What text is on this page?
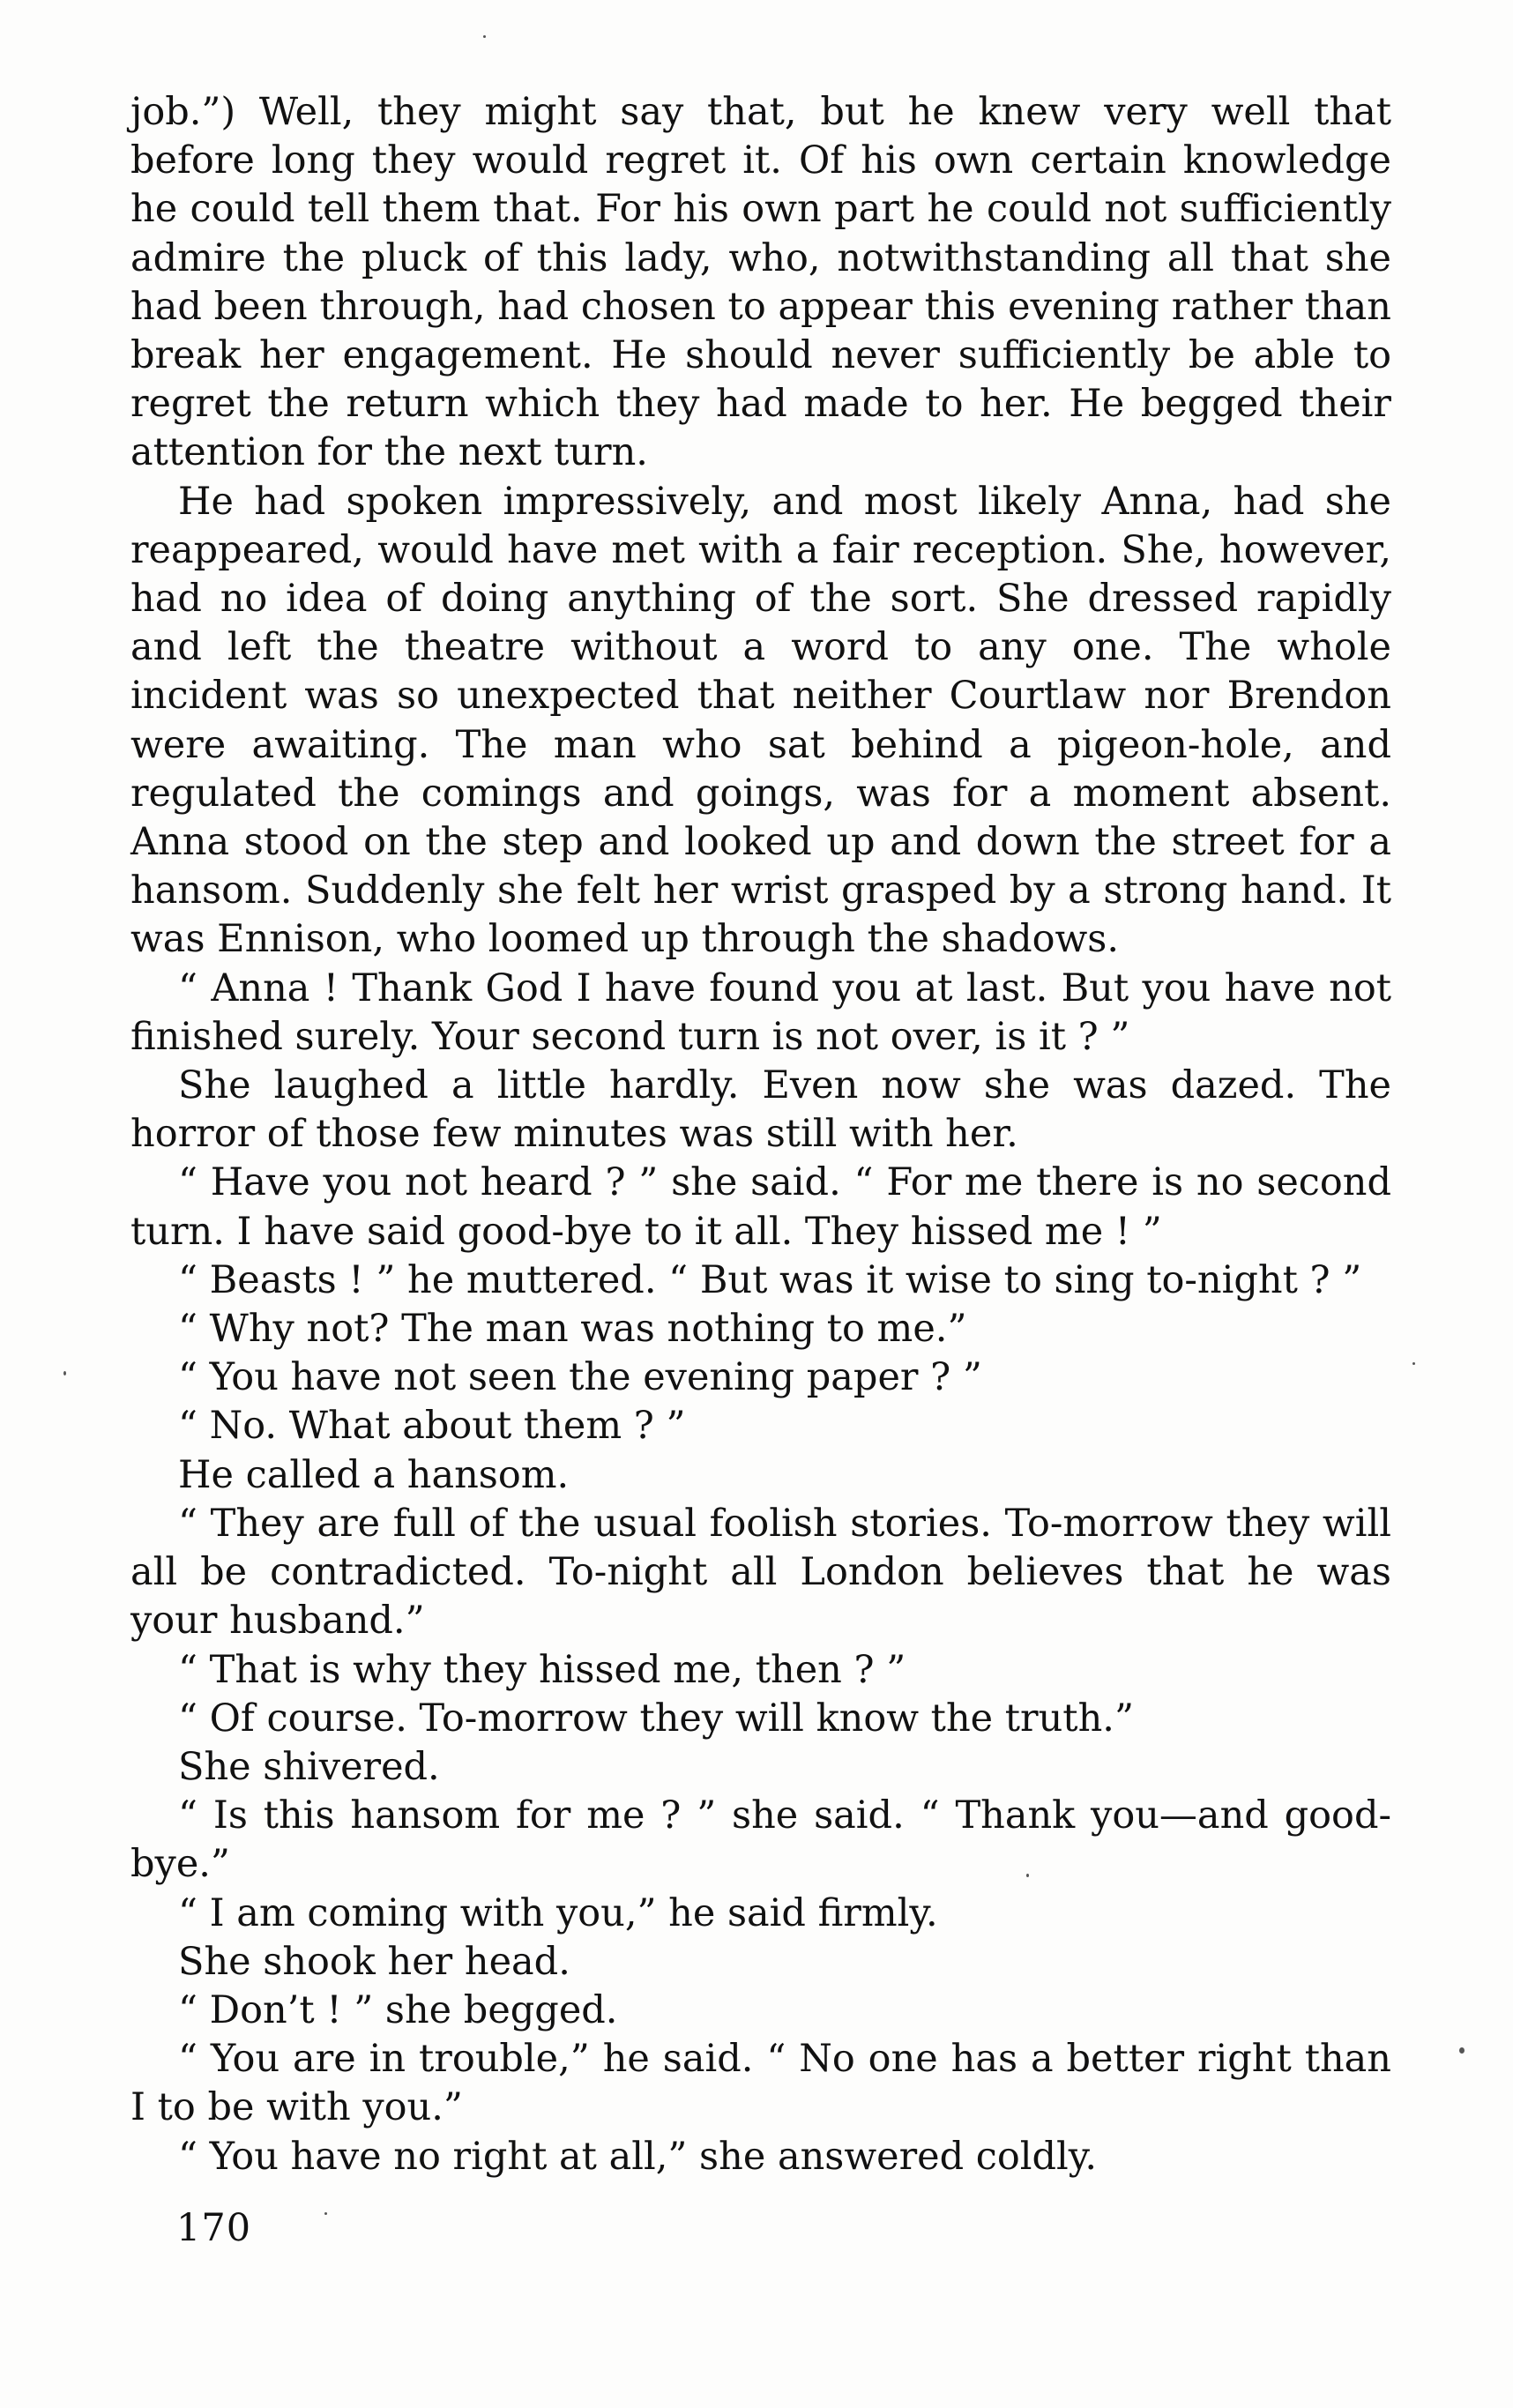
job.”) Well, they might say that, but he knew very well that before long they would regret it. Of his own certain knowledge he could tell them that. For his own part he could not sufficiently admire the pluck of this lady, who, notwithstanding all that she had been through, had chosen to appear this evening rather than break her engagement. He should never sufficiently be able to regret the return which they had made to her. He begged their attention for the next turn.

He had spoken impressively, and most likely Anna, had she reappeared, would have met with a fair reception. She, however, had no idea of doing anything of the sort. She dressed rapidly and left the theatre without a word to any one. The whole incident was so unexpected that neither Courtlaw nor Brendon were awaiting. The man who sat behind a pigeon-hole, and regulated the comings and goings, was for a moment absent. Anna stood on the step and looked up and down the street for a hansom. Suddenly she felt her wrist grasped by a strong hand. It was Ennison, who loomed up through the shadows.

“ Anna ! Thank God I have found you at last. But you have not finished surely. Your second turn is not over, is it ? ”

She laughed a little hardly. Even now she was dazed. The horror of those few minutes was still with her.

“ Have you not heard ? ” she said. “ For me there is no second turn. I have said good-bye to it all. They hissed me ! ”

“ Beasts ! ” he muttered. “ But was it wise to sing to-night ? ”

“ Why not? The man was nothing to me.”

“ You have not seen the evening paper ? ”

“ No. What about them ? ”

He called a hansom.

“ They are full of the usual foolish stories. To-morrow they will all be contradicted. To-night all London believes that he was your husband.”

“ That is why they hissed me, then ? ”

“ Of course. To-morrow they will know the truth.”

She shivered.

“ Is this hansom for me ? ” she said. “ Thank you—and good-bye.”

“ I am coming with you,” he said firmly.

She shook her head.

“ Don’t ! ” she begged.

“ You are in trouble,” he said. “ No one has a better right than I to be with you.”

“ You have no right at all,” she answered coldly.

170
